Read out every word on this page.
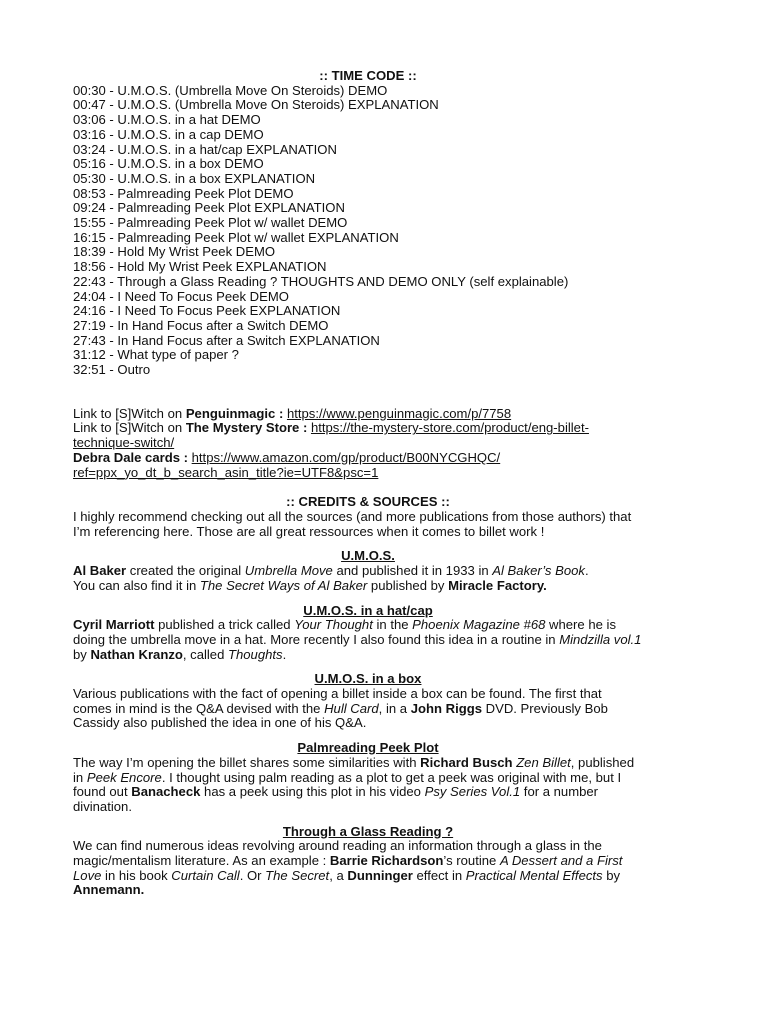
:: TIME CODE ::
00:30 - U.M.O.S. (Umbrella Move On Steroids) DEMO
00:47 - U.M.O.S. (Umbrella Move On Steroids) EXPLANATION
03:06 - U.M.O.S. in a hat DEMO
03:16 - U.M.O.S. in a cap DEMO
03:24 - U.M.O.S. in a hat/cap EXPLANATION
05:16 - U.M.O.S. in a box DEMO
05:30 - U.M.O.S. in a box EXPLANATION
08:53 - Palmreading Peek Plot DEMO
09:24 - Palmreading Peek Plot EXPLANATION
15:55 - Palmreading Peek Plot w/ wallet DEMO
16:15 - Palmreading Peek Plot w/ wallet EXPLANATION
18:39 - Hold My Wrist Peek DEMO
18:56 - Hold My Wrist Peek EXPLANATION
22:43 - Through a Glass Reading ? THOUGHTS AND DEMO ONLY (self explainable)
24:04 - I Need To Focus Peek DEMO
24:16 - I Need To Focus Peek EXPLANATION
27:19 - In Hand Focus after a Switch DEMO
27:43 - In Hand Focus after a Switch EXPLANATION
31:12 - What type of paper ?
32:51 - Outro
Link to [S]Witch on Penguinmagic : https://www.penguinmagic.com/p/7758
Link to [S]Witch on The Mystery Store : https://the-mystery-store.com/product/eng-billet-
technique-switch/
Debra Dale cards : https://www.amazon.com/gp/product/B00NYCGHQC/
ref=ppx_yo_dt_b_search_asin_title?ie=UTF8&psc=1
:: CREDITS & SOURCES ::
I highly recommend checking out all the sources (and more publications from those authors) that
I’m referencing here. Those are all great ressources when it comes to billet work !
U.M.O.S.
Al Baker created the original Umbrella Move and published it in 1933 in Al Baker’s Book.
You can also find it in The Secret Ways of Al Baker published by Miracle Factory.
U.M.O.S. in a hat/cap
Cyril Marriott published a trick called Your Thought in the Phoenix Magazine #68 where he is
doing the umbrella move in a hat. More recently I also found this idea in a routine in Mindzilla vol.1
by Nathan Kranzo, called Thoughts.
U.M.O.S. in a box
Various publications with the fact of opening a billet inside a box can be found. The first that
comes in mind is the Q&A devised with the Hull Card, in a John Riggs DVD. Previously Bob
Cassidy also published the idea in one of his Q&A.
Palmreading Peek Plot
The way I’m opening the billet shares some similarities with Richard Busch Zen Billet, published
in Peek Encore. I thought using palm reading as a plot to get a peek was original with me, but I
found out Banacheck has a peek using this plot in his video Psy Series Vol.1 for a number
divination.
Through a Glass Reading ?
We can find numerous ideas revolving around reading an information through a glass in the
magic/mentalism literature. As an example : Barrie Richardson’s routine A Dessert and a First
Love in his book Curtain Call. Or The Secret, a Dunninger effect in Practical Mental Effects by
Annemann.
